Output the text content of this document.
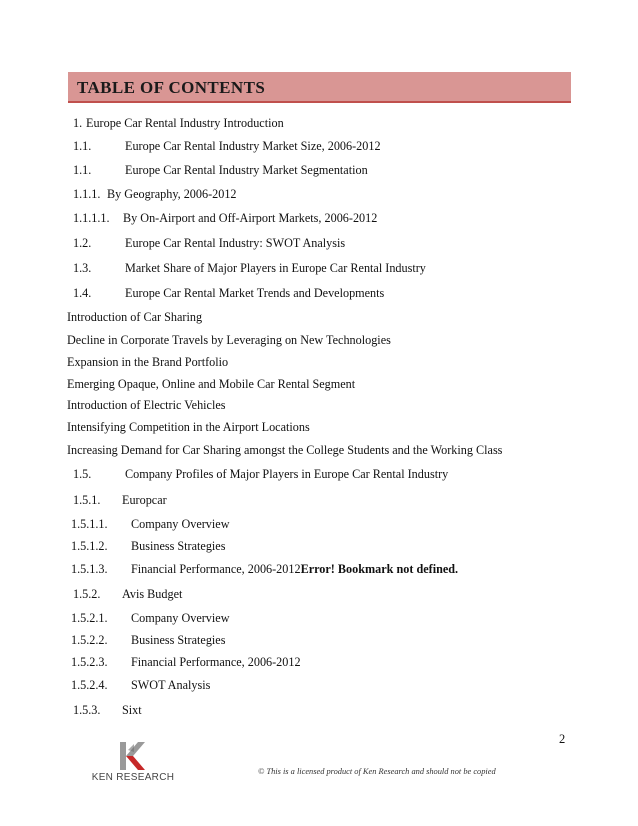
TABLE OF CONTENTS
1. Europe Car Rental Industry Introduction
1.1.	Europe Car Rental Industry Market Size, 2006-2012
1.1.	Europe Car Rental Industry Market Segmentation
1.1.1. By Geography, 2006-2012
1.1.1.1. By On-Airport and Off-Airport Markets, 2006-2012
1.2.	Europe Car Rental Industry: SWOT Analysis
1.3.	Market Share of Major Players in Europe Car Rental Industry
1.4.	Europe Car Rental Market Trends and Developments
Introduction of Car Sharing
Decline in Corporate Travels by Leveraging on New Technologies
Expansion in the Brand Portfolio
Emerging Opaque, Online and Mobile Car Rental Segment
Introduction of Electric Vehicles
Intensifying Competition in the Airport Locations
Increasing Demand for Car Sharing amongst the College Students and the Working Class
1.5.	Company Profiles of Major Players in Europe Car Rental Industry
1.5.1. Europcar
1.5.1.1. Company Overview
1.5.1.2. Business Strategies
1.5.1.3. Financial Performance, 2006-2012Error! Bookmark not defined.
1.5.2. Avis Budget
1.5.2.1. Company Overview
1.5.2.2. Business Strategies
1.5.2.3. Financial Performance, 2006-2012
1.5.2.4. SWOT Analysis
1.5.3. Sixt
2
KEN RESEARCH
© This is a licensed product of Ken Research and should not be copied
